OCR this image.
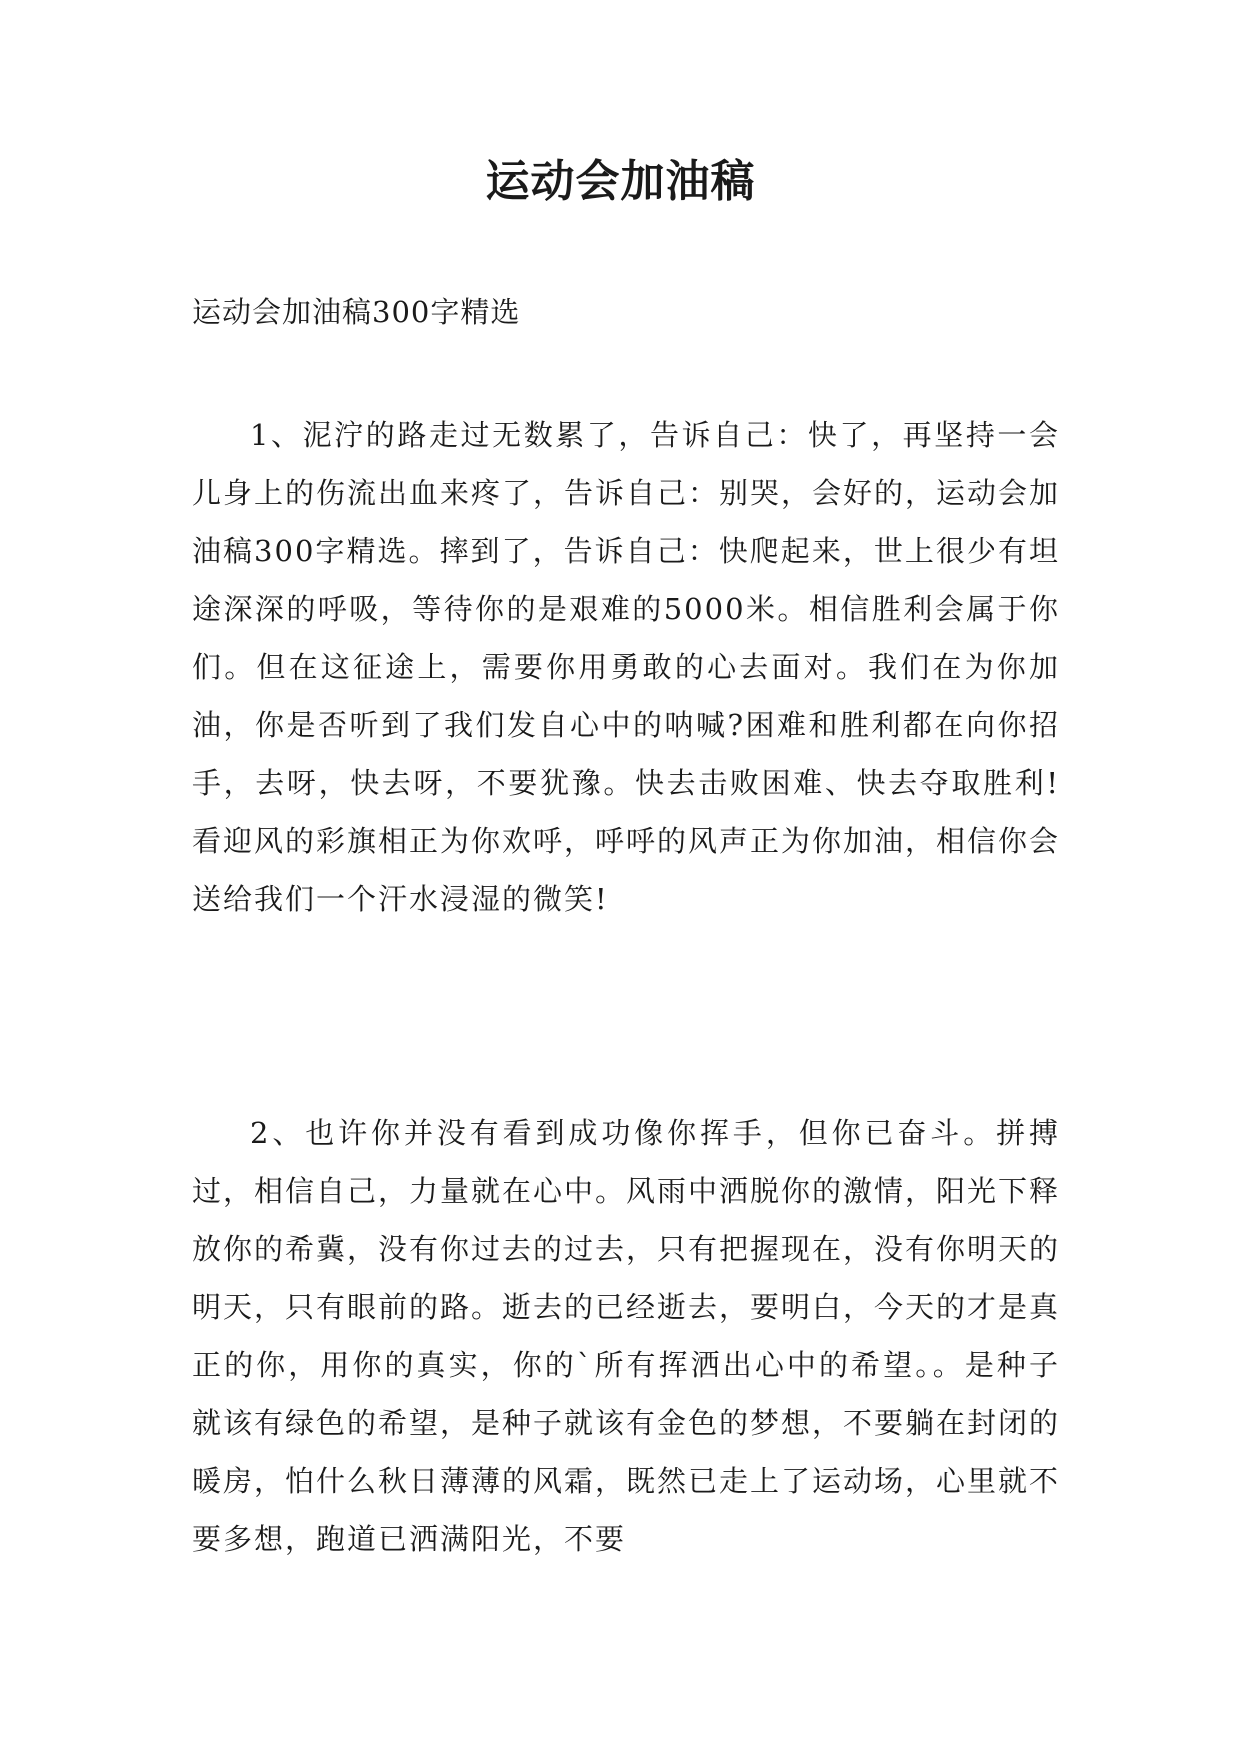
运动会加油稿

运动会加油稿300字精选

1、泥泞的路走过无数累了，告诉自己：快了，再坚持一会儿身上的伤流出血来疼了，告诉自己：别哭，会好的，运动会加油稿300字精选。摔到了，告诉自己：快爬起来，世上很少有坦途深深的呼吸，等待你的是艰难的5000米。相信胜利会属于你们。但在这征途上，需要你用勇敢的心去面对。我们在为你加油，你是否听到了我们发自心中的呐喊?困难和胜利都在向你招手，去呀，快去呀，不要犹豫。快去击败困难、快去夺取胜利!看迎风的彩旗相正为你欢呼，呼呼的风声正为你加油，相信你会送给我们一个汗水浸湿的微笑!

2、也许你并没有看到成功像你挥手，但你已奋斗。拼搏过，相信自己，力量就在心中。风雨中洒脱你的激情，阳光下释放你的希冀，没有你过去的过去，只有把握现在，没有你明天的明天，只有眼前的路。逝去的已经逝去，要明白，今天的才是真正的你，用你的真实，你的`所有挥洒出心中的希望。。是种子就该有绿色的希望，是种子就该有金色的梦想，不要躺在封闭的暖房，怕什么秋日薄薄的风霜，既然已走上了运动场，心里就不要多想，跑道已洒满阳光，不要
